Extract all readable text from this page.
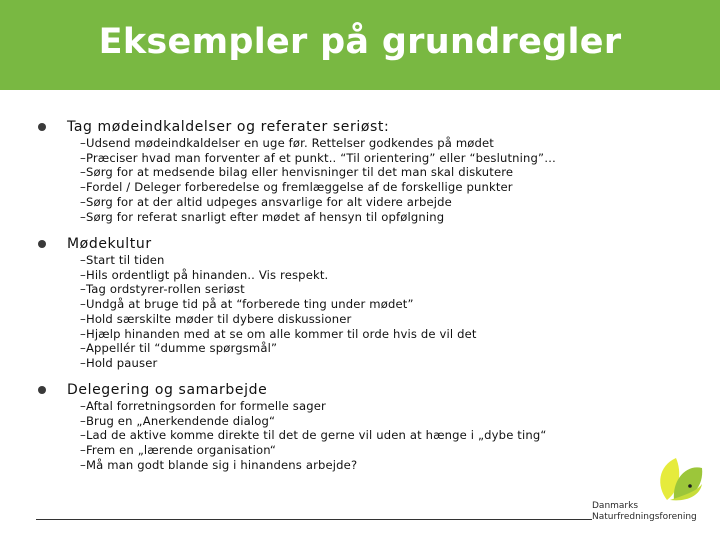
Eksempler på grundregler
Tag mødeindkaldelser og referater seriøst:
–Udsend mødeindkaldelser en uge før. Rettelser godkendes på mødet
–Præciser hvad man forventer af et punkt.. “Til orientering” eller “beslutning”…
–Sørg for at medsende bilag eller henvisninger til det man skal diskutere
–Fordel / Deleger forberedelse og fremlæggelse af de forskellige punkter
–Sørg for at der altid udpeges ansvarlige for alt videre arbejde
–Sørg for referat snarligt efter mødet af hensyn til opfølgning
Mødekultur
–Start til tiden
–Hils ordentligt på hinanden.. Vis respekt.
–Tag ordstyrer-rollen seriøst
–Undgå at bruge tid på at “forberede ting under mødet”
–Hold særskilte møder til dybere diskussioner
–Hjælp hinanden med at se om alle kommer til orde hvis de vil det
–Appellér til “dumme spørgsmål”
–Hold pauser
Delegering og samarbejde
–Aftal forretningsorden for formelle sager
–Brug en „Anerkendende dialog“
–Lad de aktive komme direkte til det de gerne vil uden at hænge i „dybe ting“
–Frem en „lærende organisation“
–Må man godt blande sig i hinandens arbejde?
Danmarks
Naturfredningsforening
